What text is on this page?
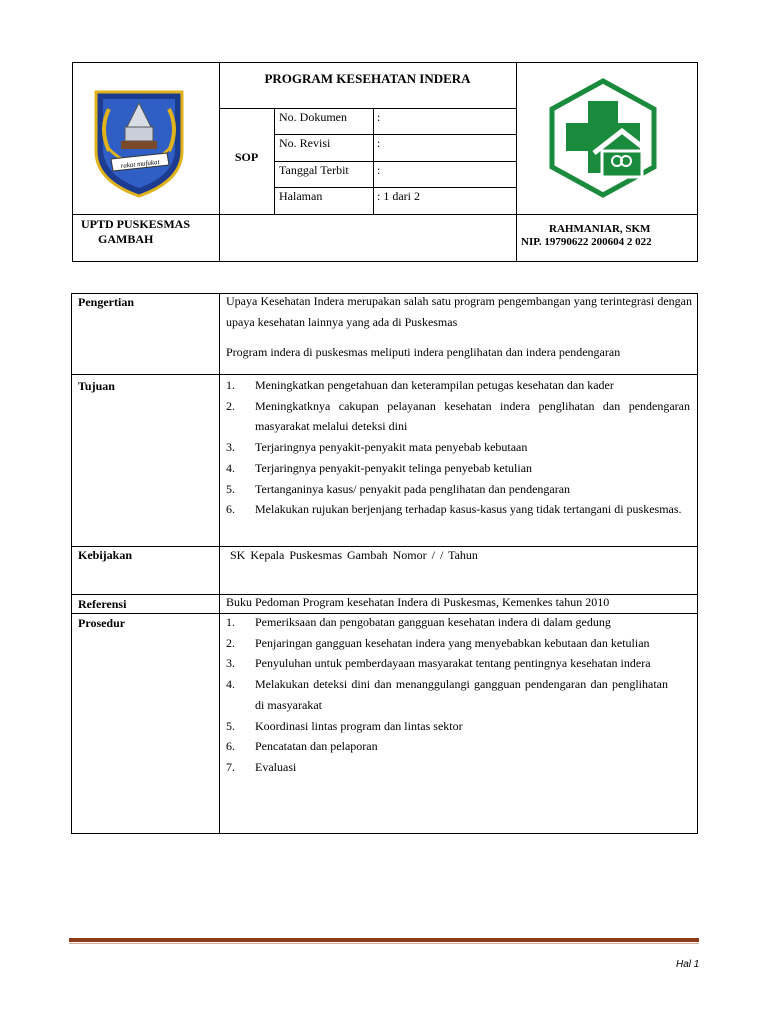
rakat mufakat
PROGRAM KESEHATAN INDERA
SOP
No. Dokumen	:
No. Revisi	:
Tanggal Terbit :
Halaman	: 1 dari 2
UPTD PUSKESMAS
GAMBAH
RAHMANIAR, SKM
NIP. 19790622 200604 2 022
Pengertian	Upaya Kesehatan Indera merupakan salah satu program pengembangan yang terintegrasi dengan upaya kesehatan lainnya yang ada di Puskesmas
Program indera di puskesmas meliputi indera penglihatan dan indera pendengaran
Tujuan	1. Meningkatkan pengetahuan dan keterampilan petugas kesehatan dan kader
2. Meningkatknya cakupan pelayanan kesehatan indera penglihatan dan pendengaran masyarakat melalui deteksi dini
3. Terjaringnya penyakit-penyakit mata penyebab kebutaan
4. Terjaringnya penyakit-penyakit telinga penyebab ketulian
5. Tertanganinya kasus/ penyakit pada penglihatan dan pendengaran
6. Melakukan rujukan berjenjang terhadap kasus-kasus yang tidak tertangani di puskesmas.
Kebijakan	SK Kepala Puskesmas Gambah Nomor / / Tahun
Referensi	Buku Pedoman Program kesehatan Indera di Puskesmas, Kemenkes tahun 2010
Prosedur	1. Pemeriksaan dan pengobatan gangguan kesehatan indera di dalam gedung
2. Penjaringan gangguan kesehatan indera yang menyebabkan kebutaan dan ketulian
3. Penyuluhan untuk pemberdayaan masyarakat tentang pentingnya kesehatan indera
4. Melakukan deteksi dini dan menanggulangi gangguan pendengaran dan penglihatan di masyarakat
5. Koordinasi lintas program dan lintas sektor
6. Pencatatan dan pelaporan
7. Evaluasi
Hal 1
